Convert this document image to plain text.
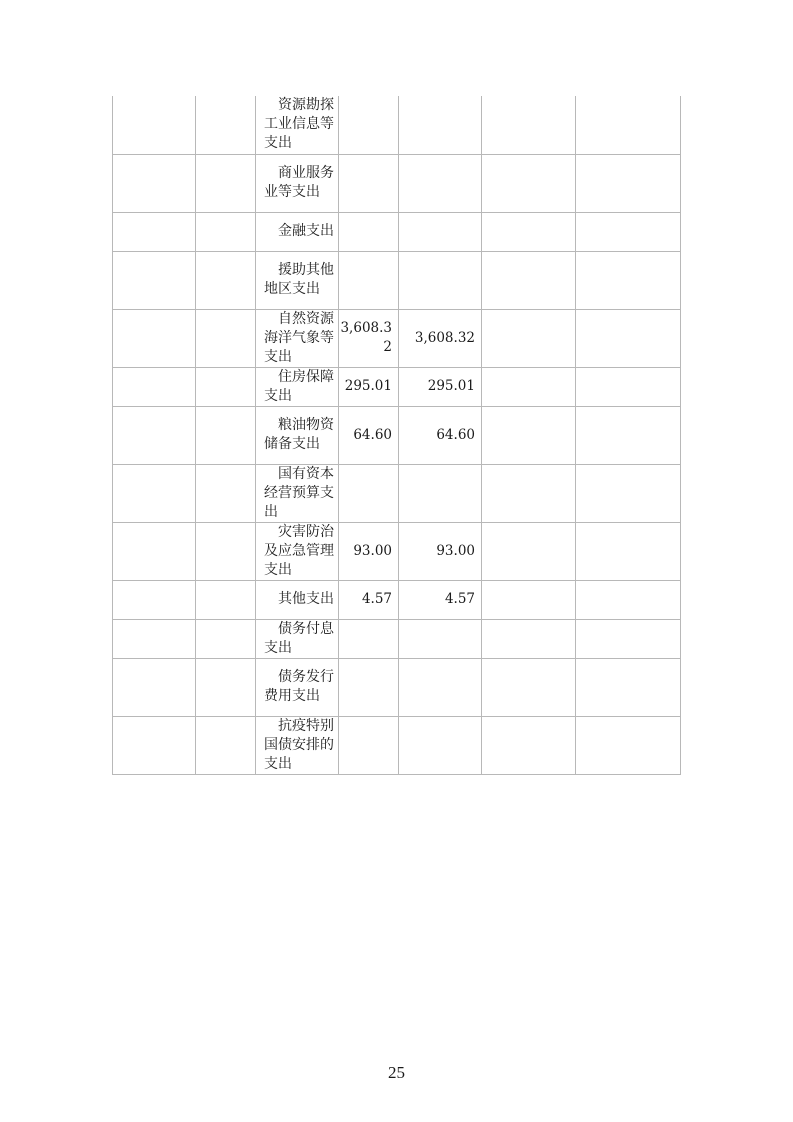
		资源勘探工业信息等支出				
		商业服务业等支出				
		金融支出				
		援助其他地区支出				
		自然资源海洋气象等支出	3,608.32	3,608.32		
		住房保障支出	295.01	295.01		
		粮油物资储备支出	64.60	64.60		
		国有资本经营预算支出				
		灾害防治及应急管理支出	93.00	93.00		
		其他支出	4.57	4.57		
		债务付息支出				
		债务发行费用支出				
		抗疫特别国债安排的支出				
25
